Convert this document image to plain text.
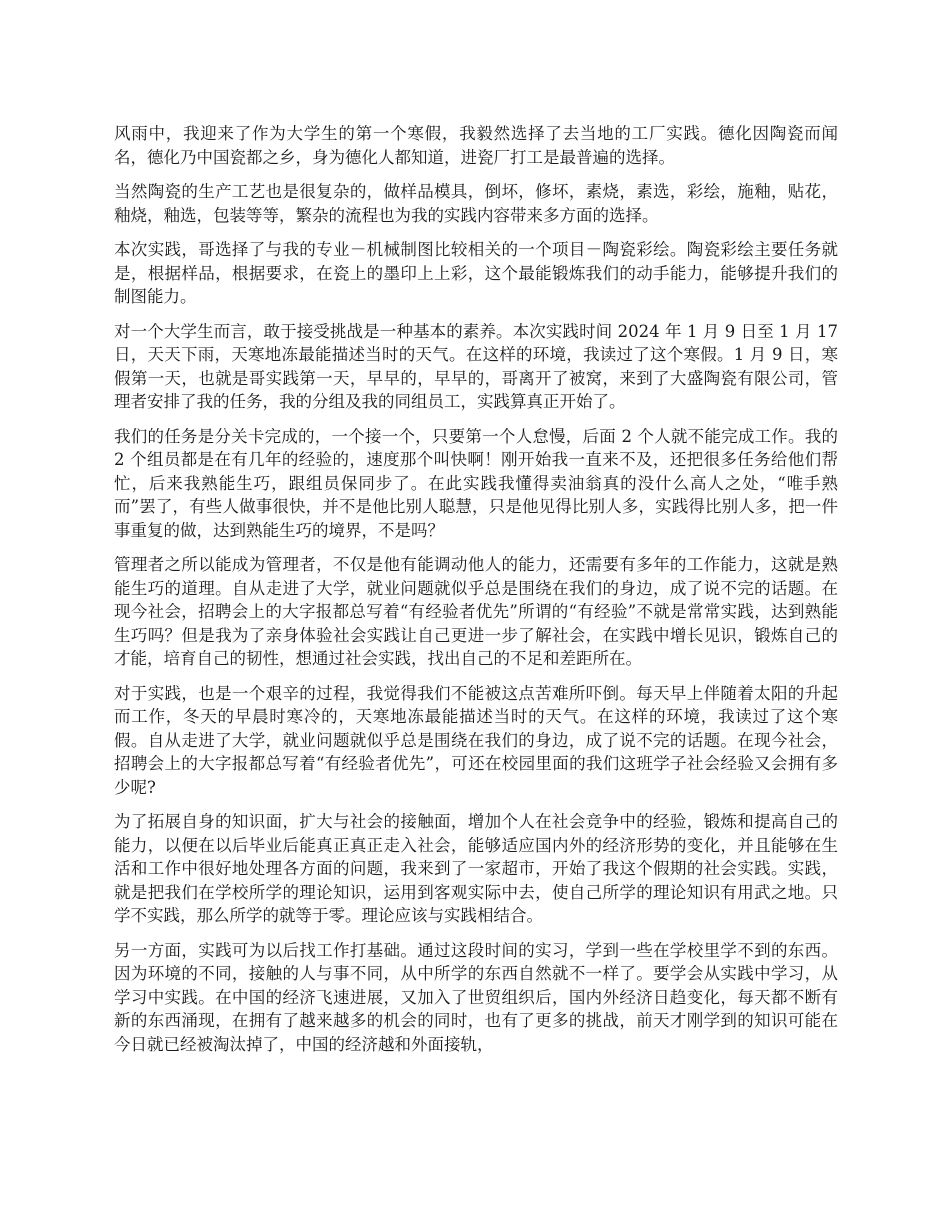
风雨中，我迎来了作为大学生的第一个寒假，我毅然选择了去当地的工厂实践。德化因陶瓷而闻名，德化乃中国瓷都之乡，身为德化人都知道，进瓷厂打工是最普遍的选择。

当然陶瓷的生产工艺也是很复杂的，做样品模具，倒坏，修坏，素烧，素选，彩绘，施釉，贴花，釉烧，釉选，包装等等，繁杂的流程也为我的实践内容带来多方面的选择。

本次实践，哥选择了与我的专业－机械制图比较相关的一个项目－陶瓷彩绘。陶瓷彩绘主要任务就是，根据样品，根据要求，在瓷上的墨印上上彩，这个最能锻炼我们的动手能力，能够提升我们的制图能力。

对一个大学生而言，敢于接受挑战是一种基本的素养。本次实践时间 2024 年 1 月 9 日至 1 月 17 日，天天下雨，天寒地冻最能描述当时的天气。在这样的环境，我读过了这个寒假。1 月 9 日，寒假第一天，也就是哥实践第一天，早早的，早早的，哥离开了被窝，来到了大盛陶瓷有限公司，管理者安排了我的任务，我的分组及我的同组员工，实践算真正开始了。

我们的任务是分关卡完成的，一个接一个，只要第一个人怠慢，后面 2 个人就不能完成工作。我的 2 个组员都是在有几年的经验的，速度那个叫快啊！刚开始我一直来不及，还把很多任务给他们帮忙，后来我熟能生巧，跟组员保同步了。在此实践我懂得卖油翁真的没什么高人之处，“唯手熟而”罢了，有些人做事很快，并不是他比别人聪慧，只是他见得比别人多，实践得比别人多，把一件事重复的做，达到熟能生巧的境界，不是吗？

管理者之所以能成为管理者，不仅是他有能调动他人的能力，还需要有多年的工作能力，这就是熟能生巧的道理。自从走进了大学，就业问题就似乎总是围绕在我们的身边，成了说不完的话题。在现今社会，招聘会上的大字报都总写着“有经验者优先”所谓的“有经验”不就是常常实践，达到熟能生巧吗？但是我为了亲身体验社会实践让自己更进一步了解社会，在实践中增长见识，锻炼自己的才能，培育自己的韧性，想通过社会实践，找出自己的不足和差距所在。

对于实践，也是一个艰辛的过程，我觉得我们不能被这点苦难所吓倒。每天早上伴随着太阳的升起而工作，冬天的早晨时寒冷的，天寒地冻最能描述当时的天气。在这样的环境，我读过了这个寒假。自从走进了大学，就业问题就似乎总是围绕在我们的身边，成了说不完的话题。在现今社会，招聘会上的大字报都总写着“有经验者优先”，可还在校园里面的我们这班学子社会经验又会拥有多少呢?

为了拓展自身的知识面，扩大与社会的接触面，增加个人在社会竞争中的经验，锻炼和提高自己的能力，以便在以后毕业后能真正真正走入社会，能够适应国内外的经济形势的变化，并且能够在生活和工作中很好地处理各方面的问题，我来到了一家超市，开始了我这个假期的社会实践。实践，就是把我们在学校所学的理论知识，运用到客观实际中去，使自己所学的理论知识有用武之地。只学不实践，那么所学的就等于零。理论应该与实践相结合。

另一方面，实践可为以后找工作打基础。通过这段时间的实习，学到一些在学校里学不到的东西。因为环境的不同，接触的人与事不同，从中所学的东西自然就不一样了。要学会从实践中学习，从学习中实践。在中国的经济飞速进展，又加入了世贸组织后，国内外经济日趋变化，每天都不断有新的东西涌现，在拥有了越来越多的机会的同时，也有了更多的挑战，前天才刚学到的知识可能在今日就已经被淘汰掉了，中国的经济越和外面接轨，
